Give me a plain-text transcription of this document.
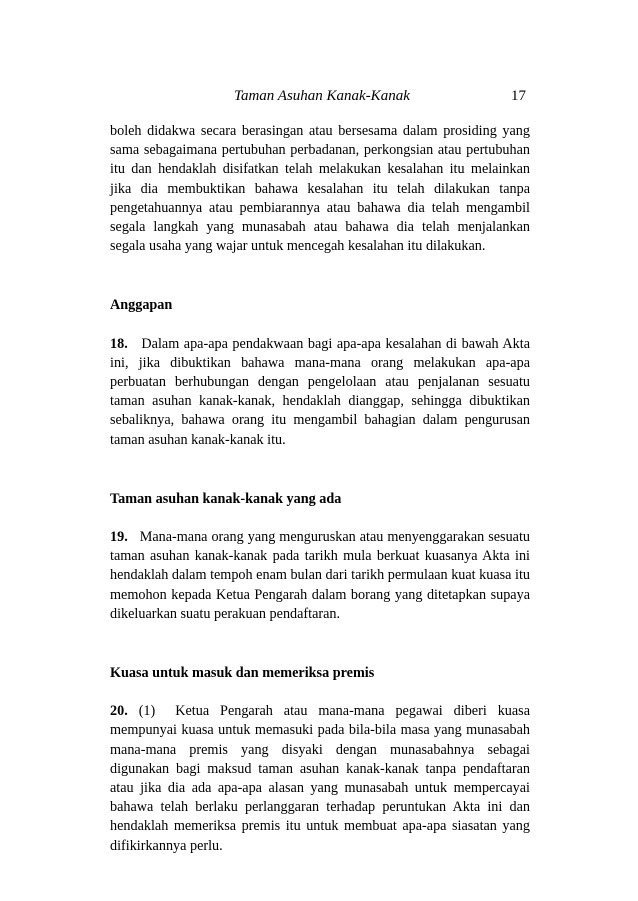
Taman Asuhan Kanak-Kanak	17

boleh didakwa secara berasingan atau bersesama dalam prosiding yang sama sebagaimana pertubuhan perbadanan, perkongsian atau pertubuhan itu dan hendaklah disifatkan telah melakukan kesalahan itu melainkan jika dia membuktikan bahawa kesalahan itu telah dilakukan tanpa pengetahuannya atau pembiarannya atau bahawa dia telah mengambil segala langkah yang munasabah atau bahawa dia telah menjalankan segala usaha yang wajar untuk mencegah kesalahan itu dilakukan.

Anggapan

18. Dalam apa-apa pendakwaan bagi apa-apa kesalahan di bawah Akta ini, jika dibuktikan bahawa mana-mana orang melakukan apa-apa perbuatan berhubungan dengan pengelolaan atau penjalanan sesuatu taman asuhan kanak-kanak, hendaklah dianggap, sehingga dibuktikan sebaliknya, bahawa orang itu mengambil bahagian dalam pengurusan taman asuhan kanak-kanak itu.

Taman asuhan kanak-kanak yang ada

19. Mana-mana orang yang menguruskan atau menyenggarakan sesuatu taman asuhan kanak-kanak pada tarikh mula berkuat kuasanya Akta ini hendaklah dalam tempoh enam bulan dari tarikh permulaan kuat kuasa itu memohon kepada Ketua Pengarah dalam borang yang ditetapkan supaya dikeluarkan suatu perakuan pendaftaran.

Kuasa untuk masuk dan memeriksa premis

20. (1) Ketua Pengarah atau mana-mana pegawai diberi kuasa mempunyai kuasa untuk memasuki pada bila-bila masa yang munasabah mana-mana premis yang disyaki dengan munasabahnya sebagai digunakan bagi maksud taman asuhan kanak-kanak tanpa pendaftaran atau jika dia ada apa-apa alasan yang munasabah untuk mempercayai bahawa telah berlaku perlanggaran terhadap peruntukan Akta ini dan hendaklah memeriksa premis itu untuk membuat apa-apa siasatan yang difikirkannya perlu.
